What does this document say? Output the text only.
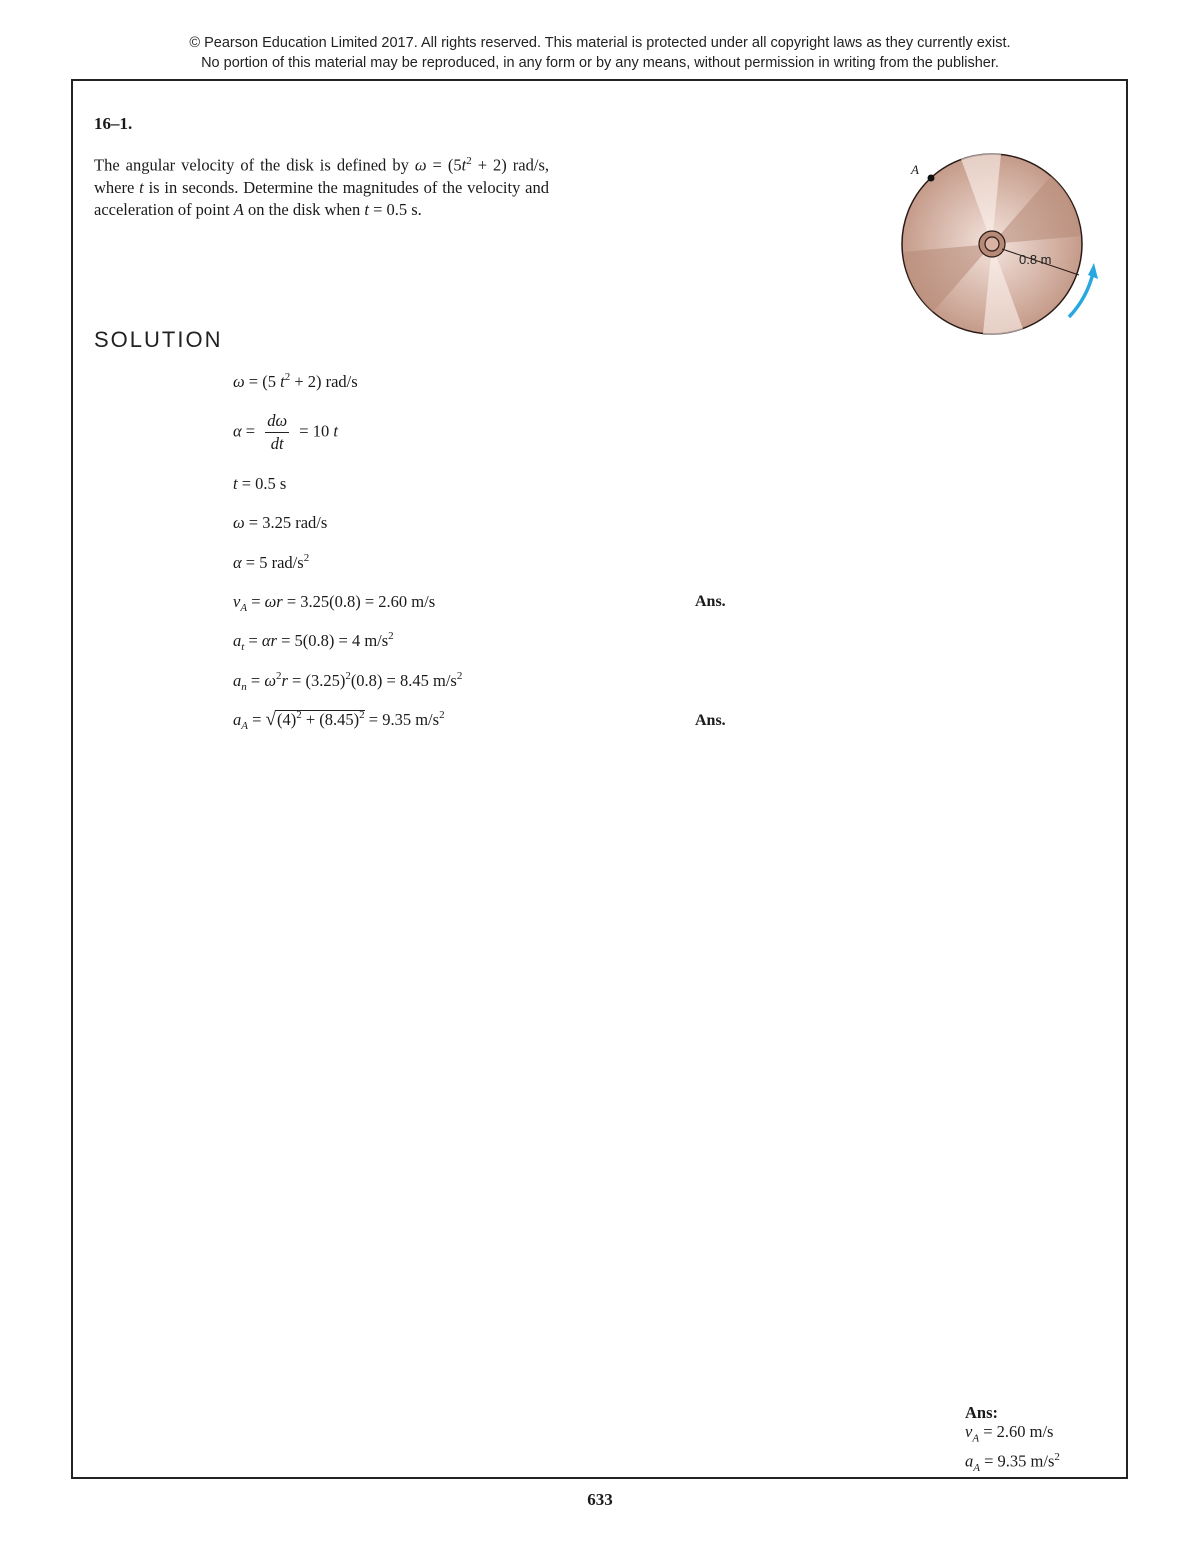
© Pearson Education Limited 2017. All rights reserved. This material is protected under all copyright laws as they currently exist.
No portion of this material may be reproduced, in any form or by any means, without permission in writing from the publisher.
16–1.
The angular velocity of the disk is defined by $\omega = (5t^2 + 2)$ rad/s, where t is in seconds. Determine the magnitudes of the velocity and acceleration of point A on the disk when t = 0.5 s.
A
0.8 m
SOLUTION
ω = (5 $t^2 + 2$) rad/s
$\alpha = \frac{d\omega}{dt} = 10$ t
t = 0.5 s
ω = 3.25 rad/s
α = 5 rad/$s^2$
$v_A = \omega r = 3.25(0.8) = 2.60$ m/s	Ans.
$a_t = \alpha r = 5(0.8) = 4$ $m/s^2$
$a_n = \omega^2r = (3.25)^2(0.8) = 8.45$ $m/s^2$
$a_A = √(4)^2 + (8.45)^2 = 9.35$ $m/s^2$	Ans.
Ans:
$v_A = 2.60$ m/s
$a_A = 9.35$ $m/s^2$
633
